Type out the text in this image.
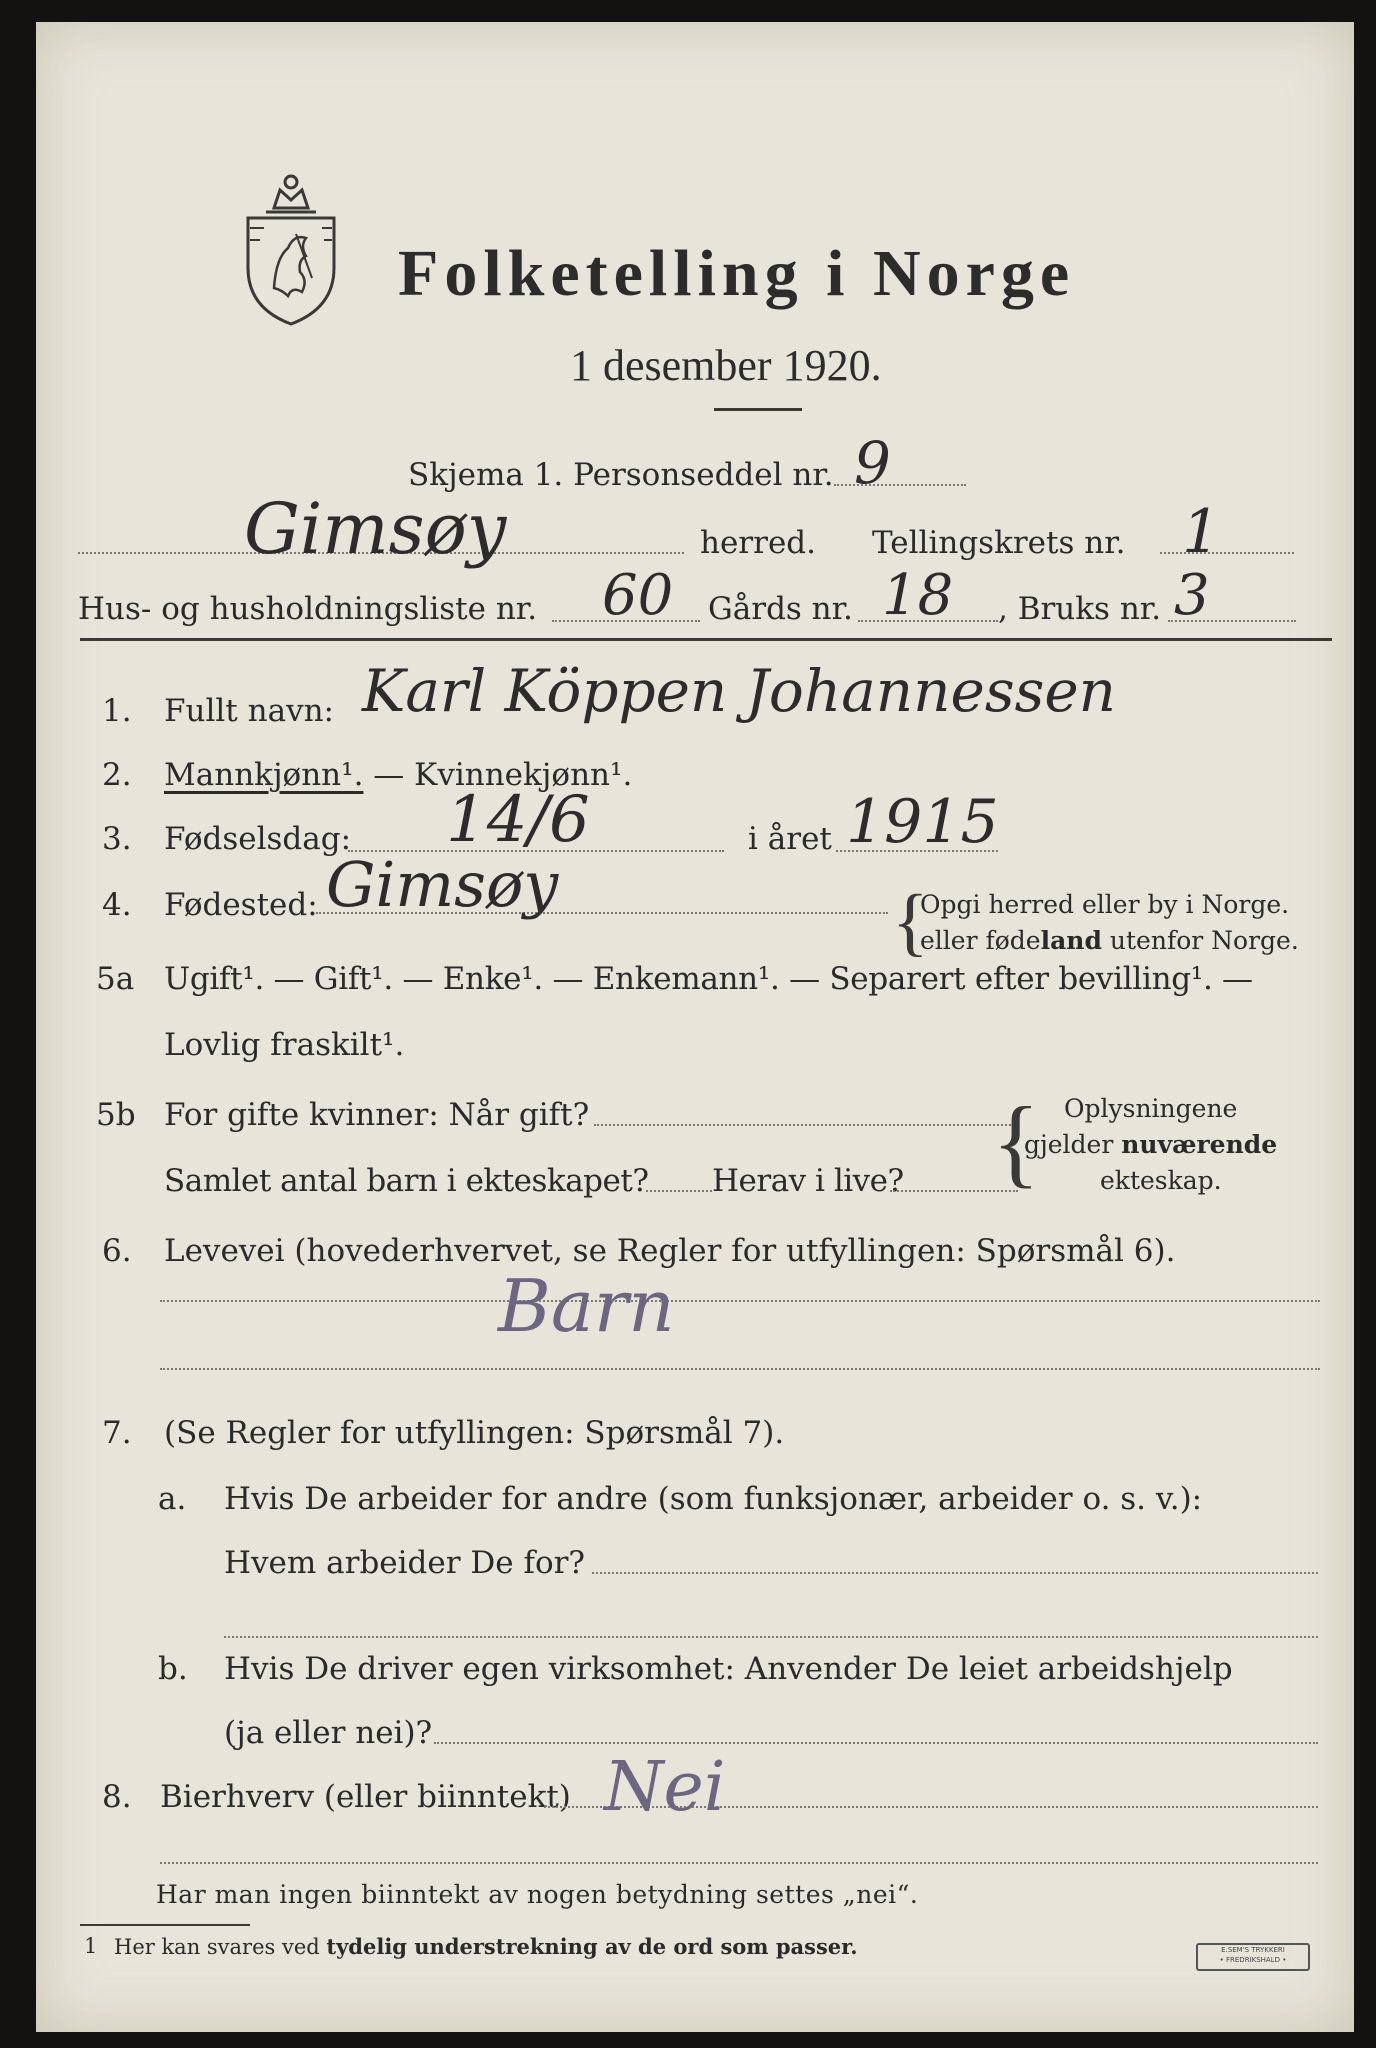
Folketelling i Norge
1 desember 1920.
Skjema 1. Personseddel nr. 9
Gimsøy	herred. Tellingskrets nr. 1
Hus- og husholdningsliste nr. 60 Gårds nr. 18 , Bruks nr. 3
1. Fullt navn: Karl Köppen Johannessen
2. Mannkjønn¹. — Kvinnekjønn¹.
3. Fødselsdag: 14/6	i året 1915
4. Fødested: Gimsøy	{
Opgi herred eller by i Norge.
eller fødeland utenfor Norge.
5a Ugift¹. — Gift¹. — Enke¹. — Enkemann¹. — Separert efter bevilling¹. —
Lovlig fraskilt¹.
5b For gifte kvinner: Når gift?
Samlet antal barn i ekteskapet? Herav i live? { Oplysningene
gjelder nuværende
ekteskap.
6. Levevei (hovederhvervet, se Regler for utfyllingen: Spørsmål 6).
Barn
7. (Se Regler for utfyllingen: Spørsmål 7).
a. Hvis De arbeider for andre (som funksjonær, arbeider o. s. v.):
Hvem arbeider De for?
b. Hvis De driver egen virksomhet: Anvender De leiet arbeidshjelp
(ja eller nei)?
8. Bierhverv (eller biinntekt) Nei
Har man ingen biinntekt av nogen betydning settes „nei“.
1 Her kan svares ved tydelig understrekning av de ord som passer.	E.SEM'S TRYKKERI
• FREDRIKSHALD •
